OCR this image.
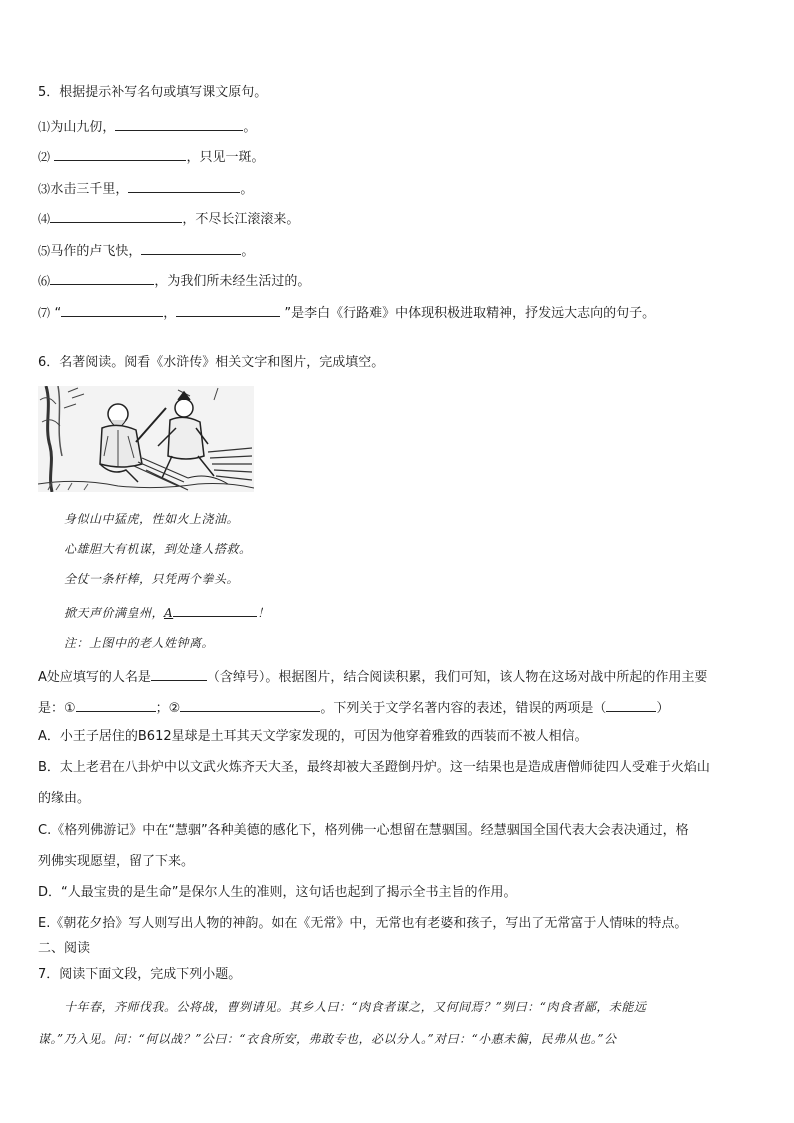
5．根据提示补写名句或填写课文原句。
⑴为山九仞，	。
⑵	，只见一斑。
⑶水击三千里，	。
⑷	，不尽长江滚滚来。
⑸马作的卢飞快，	。
⑹	，为我们所未经生活过的。
⑺ “	，	”是李白《行路难》中体现积极进取精神，抒发远大志向的句子。
6．名著阅读。阅看《水浒传》相关文字和图片，完成填空。
身似山中猛虎，性如火上浇油。
心雄胆大有机谋，到处逢人搭救。
全仗一条杆棒，只凭两个拳头。
掀天声价满皇州，A	！
注：上图中的老人姓钟离。
A处应填写的人名是	（含绰号）。根据图片，结合阅读积累，我们可知，该人物在这场对战中所起的作用主要
是：①	；②	。下列关于文学名著内容的表述，错误的两项是（	）
A．小王子居住的B612星球是土耳其天文学家发现的，可因为他穿着雅致的西装而不被人相信。
B．太上老君在八卦炉中以文武火炼齐天大圣，最终却被大圣蹬倒丹炉。这一结果也是造成唐僧师徒四人受难于火焰山
的缘由。
C.《格列佛游记》中在“慧骃”各种美德的感化下，格列佛一心想留在慧骃国。经慧骃国全国代表大会表决通过，格
列佛实现愿望，留了下来。
D．“人最宝贵的是生命”是保尔人生的准则，这句话也起到了揭示全书主旨的作用。
E.《朝花夕拾》写人则写出人物的神韵。如在《无常》中，无常也有老婆和孩子，写出了无常富于人情味的特点。
二、阅读
7．阅读下面文段，完成下列小题。
十年春，齐师伐我。公将战，曹刿请见。其乡人曰：“肉食者谋之，又何间焉？”刿曰：“肉食者鄙，未能远
谋。”乃入见。问：“何以战？”公曰：“衣食所安，弗敢专也，必以分人。”对曰：“小惠未徧，民弗从也。”公
